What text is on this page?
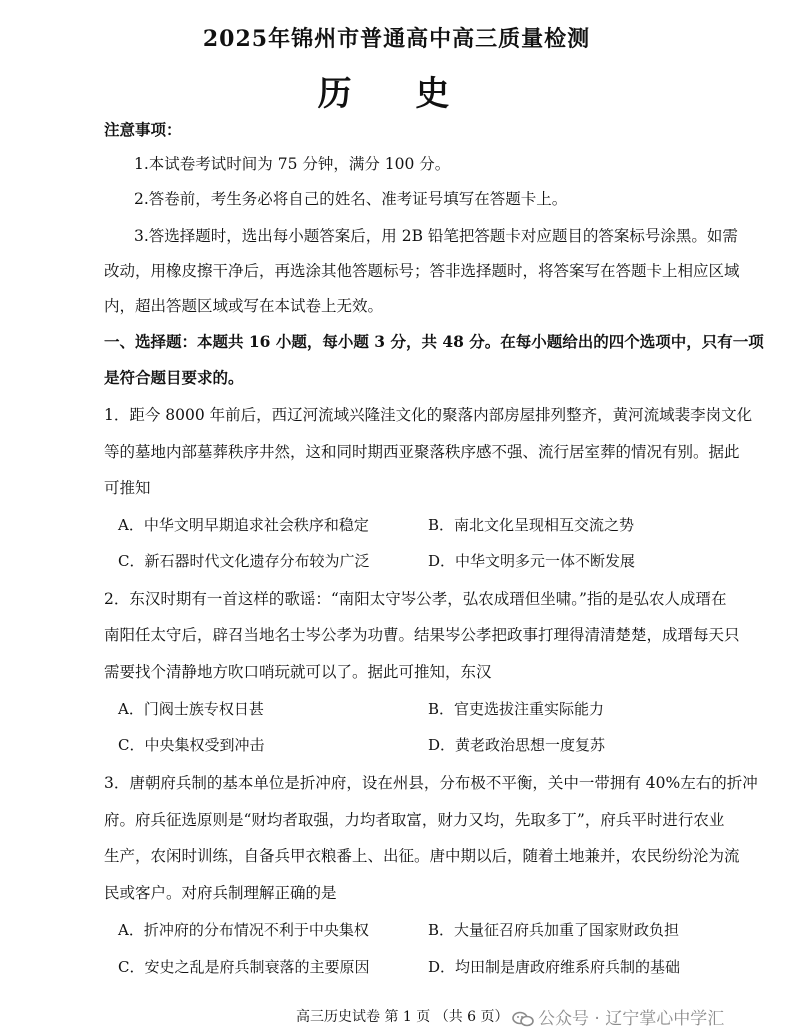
2025年锦州市普通高中高三质量检测
历 史
注意事项：
1.本试卷考试时间为 75 分钟，满分 100 分。
2.答卷前，考生务必将自己的姓名、准考证号填写在答题卡上。
3.答选择题时，选出每小题答案后，用 2B 铅笔把答题卡对应题目的答案标号涂黑。如需
改动，用橡皮擦干净后，再选涂其他答题标号；答非选择题时，将答案写在答题卡上相应区域
内，超出答题区域或写在本试卷上无效。
一、选择题：本题共 16 小题，每小题 3 分，共 48 分。在每小题给出的四个选项中，只有一项
是符合题目要求的。
1．距今 8000 年前后，西辽河流域兴隆洼文化的聚落内部房屋排列整齐，黄河流域裴李岗文化
等的墓地内部墓葬秩序井然，这和同时期西亚聚落秩序感不强、流行居室葬的情况有别。据此
可推知
A．中华文明早期追求社会秩序和稳定	B．南北文化呈现相互交流之势
C．新石器时代文化遗存分布较为广泛	D．中华文明多元一体不断发展
2．东汉时期有一首这样的歌谣：“南阳太守岑公孝，弘农成瑨但坐啸。”指的是弘农人成瑨在
南阳任太守后，辟召当地名士岑公孝为功曹。结果岑公孝把政事打理得清清楚楚，成瑨每天只
需要找个清静地方吹口哨玩就可以了。据此可推知，东汉
A．门阀士族专权日甚	B．官吏选拔注重实际能力
C．中央集权受到冲击	D．黄老政治思想一度复苏
3．唐朝府兵制的基本单位是折冲府，设在州县，分布极不平衡，关中一带拥有 40%左右的折冲
府。府兵征选原则是“财均者取强，力均者取富，财力又均，先取多丁”，府兵平时进行农业
生产，农闲时训练，自备兵甲衣粮番上、出征。唐中期以后，随着土地兼并，农民纷纷沦为流
民或客户。对府兵制理解正确的是
A．折冲府的分布情况不利于中央集权	B．大量征召府兵加重了国家财政负担
C．安史之乱是府兵制衰落的主要原因	D．均田制是唐政府维系府兵制的基础
高三历史试卷 第 1 页 （共 6 页）	公众号 · 辽宁掌心中学汇
